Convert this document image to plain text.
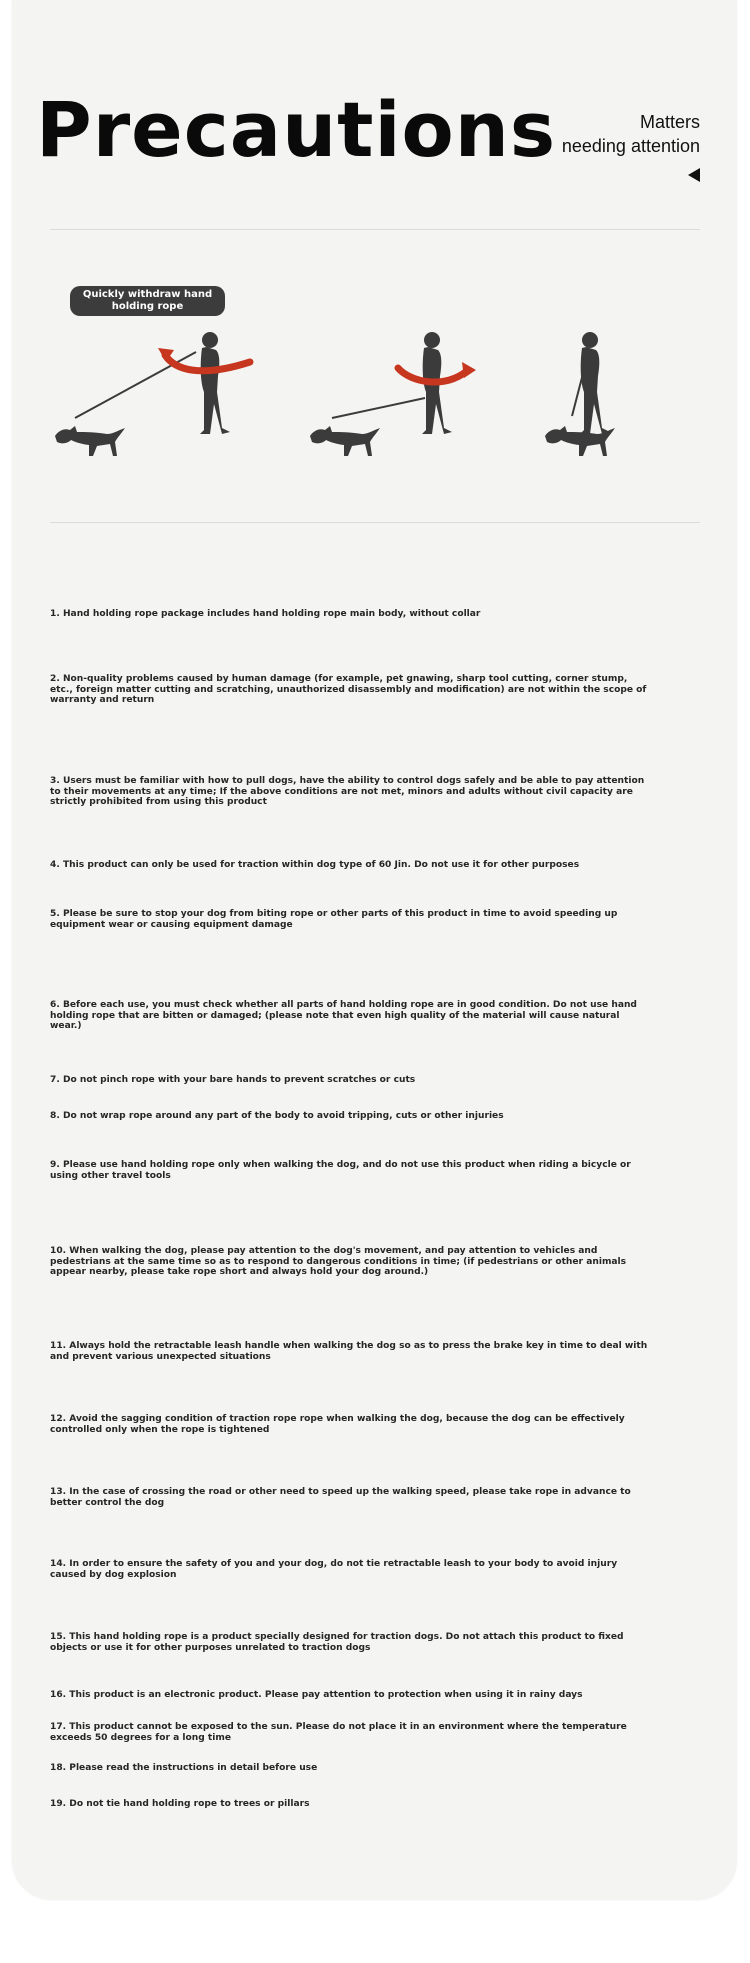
Precautions	Matters
needing attention
Quickly withdraw hand holding rope

1. Hand holding rope package includes hand holding rope main body, without collar

2. Non-quality problems caused by human damage (for example, pet gnawing, sharp tool cutting, corner stump, etc., foreign matter cutting and scratching, unauthorized disassembly and modification) are not within the scope of warranty and return

3. Users must be familiar with how to pull dogs, have the ability to control dogs safely and be able to pay attention to their movements at any time; If the above conditions are not met, minors and adults without civil capacity are strictly prohibited from using this product

4. This product can only be used for traction within dog type of 60 Jin. Do not use it for other purposes

5. Please be sure to stop your dog from biting rope or other parts of this product in time to avoid speeding up equipment wear or causing equipment damage

6. Before each use, you must check whether all parts of hand holding rope are in good condition. Do not use hand holding rope that are bitten or damaged; (please note that even high quality of the material will cause natural wear.)

7. Do not pinch rope with your bare hands to prevent scratches or cuts

8. Do not wrap rope around any part of the body to avoid tripping, cuts or other injuries

9. Please use hand holding rope only when walking the dog, and do not use this product when riding a bicycle or using other travel tools

10. When walking the dog, please pay attention to the dog's movement, and pay attention to vehicles and pedestrians at the same time so as to respond to dangerous conditions in time; (if pedestrians or other animals appear nearby, please take rope short and always hold your dog around.)

11. Always hold the retractable leash handle when walking the dog so as to press the brake key in time to deal with and prevent various unexpected situations

12. Avoid the sagging condition of traction rope rope when walking the dog, because the dog can be effectively controlled only when the rope is tightened

13. In the case of crossing the road or other need to speed up the walking speed, please take rope in advance to better control the dog

14. In order to ensure the safety of you and your dog, do not tie retractable leash to your body to avoid injury caused by dog explosion

15. This hand holding rope is a product specially designed for traction dogs. Do not attach this product to fixed objects or use it for other purposes unrelated to traction dogs

16. This product is an electronic product. Please pay attention to protection when using it in rainy days

17. This product cannot be exposed to the sun. Please do not place it in an environment where the temperature exceeds 50 degrees for a long time

18. Please read the instructions in detail before use

19. Do not tie hand holding rope to trees or pillars
